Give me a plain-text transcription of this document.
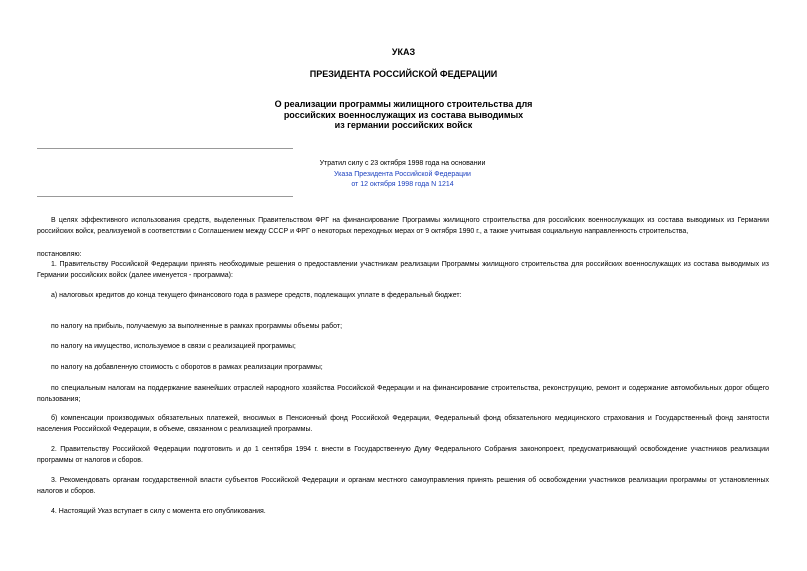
УКАЗ
ПРЕЗИДЕНТА РОССИЙСКОЙ ФЕДЕРАЦИИ
О реализации программы жилищного строительства для
российских военнослужащих из состава выводимых
из германии российских войск
Утратил силу с 23 октября 1998 года на основании
Указа Президента Российской Федерации
от 12 октября 1998 года N 1214
В целях эффективного использования средств, выделенных Правительством ФРГ на финансирование Программы жилищного строительства для российских военнослужащих из состава выводимых из Германии российских войск, реализуемой в соответствии с Соглашением между СССР и ФРГ о некоторых переходных мерах от 9 октября 1990 г., а также учитывая социальную направленность строительства,
постановляю:
1. Правительству Российской Федерации принять необходимые решения о предоставлении участникам реализации Программы жилищного строительства для российских военнослужащих из состава выводимых из Германии российских войск (далее именуется - программа):
а) налоговых кредитов до конца текущего финансового года в размере средств, подлежащих уплате в федеральный бюджет:
по налогу на прибыль, получаемую за выполненные в рамках программы объемы работ;
по налогу на имущество, используемое в связи с реализацией программы;
по налогу на добавленную стоимость с оборотов в рамках реализации программы;
по специальным налогам на поддержание важнейших отраслей народного хозяйства Российской Федерации и на финансирование строительства, реконструкцию, ремонт и содержание автомобильных дорог общего пользования;
б) компенсации производимых обязательных платежей, вносимых в Пенсионный фонд Российской Федерации, Федеральный фонд обязательного медицинского страхования и Государственный фонд занятости населения Российской Федерации, в объеме, связанном с реализацией программы.
2. Правительству Российской Федерации подготовить и до 1 сентября 1994 г. внести в Государственную Думу Федерального Собрания законопроект, предусматривающий освобождение участников реализации программы от налогов и сборов.
3. Рекомендовать органам государственной власти субъектов Российской Федерации и органам местного самоуправления принять решения об освобождении участников реализации программы от установленных налогов и сборов.
4. Настоящий Указ вступает в силу с момента его опубликования.
